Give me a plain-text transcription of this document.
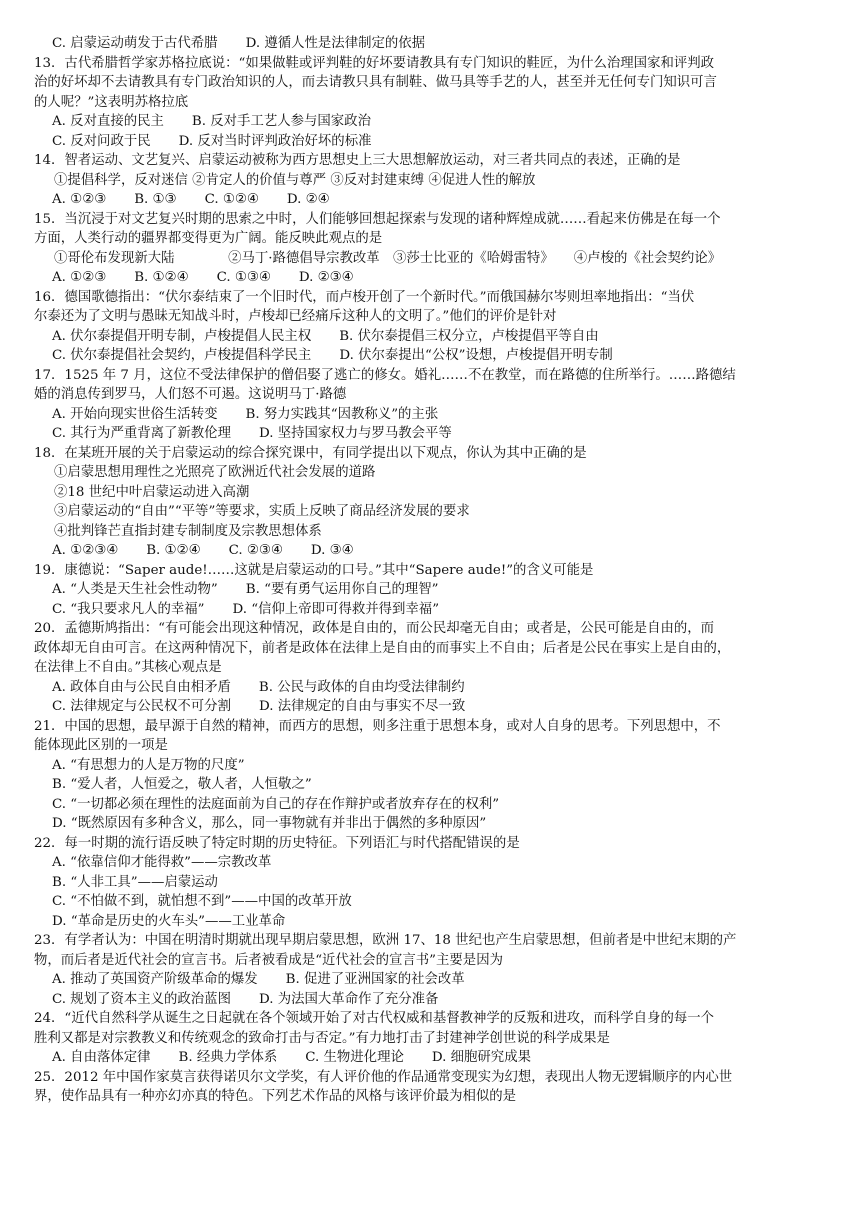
C. 启蒙运动萌发于古代希腊 D. 遵循人性是法律制定的依据
13．古代希腊哲学家苏格拉底说：“如果做鞋或评判鞋的好坏要请教具有专门知识的鞋匠，为什么治理国家和评判政
治的好坏却不去请教具有专门政治知识的人，而去请教只具有制鞋、做马具等手艺的人，甚至并无任何专门知识可言
的人呢？”这表明苏格拉底
A. 反对直接的民主 B. 反对手工艺人参与国家政治
C. 反对问政于民 D. 反对当时评判政治好坏的标准
14．智者运动、文艺复兴、启蒙运动被称为西方思想史上三大思想解放运动，对三者共同点的表述，正确的是
①提倡科学，反对迷信 ②肯定人的价值与尊严 ③反对封建束缚 ④促进人性的解放
A. ①②③ B. ①③ C. ①②④ D. ②④
15．当沉浸于对文艺复兴时期的思索之中时，人们能够回想起探索与发现的诸种辉煌成就……看起来仿佛是在每一个
方面，人类行动的疆界都变得更为广阔。能反映此观点的是
①哥伦布发现新大陆　　　　②马丁·路德倡导宗教改革　③莎士比亚的《哈姆雷特》　　④卢梭的《社会契约论》
A. ①②③ B. ①②④ C. ①③④ D. ②③④
16．德国歌德指出：“伏尔泰结束了一个旧时代，而卢梭开创了一个新时代。”而俄国赫尔岑则坦率地指出：“当伏
尔泰还为了文明与愚昧无知战斗时，卢梭却已经痛斥这种人的文明了。”他们的评价是针对
A. 伏尔泰提倡开明专制，卢梭提倡人民主权 B. 伏尔泰提倡三权分立，卢梭提倡平等自由
C. 伏尔泰提倡社会契约，卢梭提倡科学民主 D. 伏尔泰提出“公权”设想，卢梭提倡开明专制
17．1525 年 7 月，这位不受法律保护的僧侣娶了逃亡的修女。婚礼……不在教堂，而在路德的住所举行。……路德结
婚的消息传到罗马，人们怒不可遏。这说明马丁·路德
A. 开始向现实世俗生活转变 B. 努力实践其“因教称义”的主张
C. 其行为严重背离了新教伦理 D. 坚持国家权力与罗马教会平等
18．在某班开展的关于启蒙运动的综合探究课中，有同学提出以下观点，你认为其中正确的是
①启蒙思想用理性之光照亮了欧洲近代社会发展的道路
②18 世纪中叶启蒙运动进入高潮
③启蒙运动的“自由”“平等”等要求，实质上反映了商品经济发展的要求
④批判锋芒直指封建专制制度及宗教思想体系
A. ①②③④ B. ①②④ C. ②③④ D. ③④
19．康德说：“Saper aude!……这就是启蒙运动的口号。”其中“Sapere aude!”的含义可能是
A. “人类是天生社会性动物” B. “要有勇气运用你自己的理智”
C. “我只要求凡人的幸福” D. “信仰上帝即可得救并得到幸福”
20．孟德斯鸠指出：“有可能会出现这种情况，政体是自由的，而公民却毫无自由；或者是，公民可能是自由的，而
政体却无自由可言。在这两种情况下，前者是政体在法律上是自由的而事实上不自由；后者是公民在事实上是自由的，
在法律上不自由。”其核心观点是
A. 政体自由与公民自由相矛盾 B. 公民与政体的自由均受法律制约
C. 法律规定与公民权不可分割 D. 法律规定的自由与事实不尽一致
21．中国的思想，最早源于自然的精神，而西方的思想，则多注重于思想本身，或对人自身的思考。下列思想中，不
能体现此区别的一项是
A. “有思想力的人是万物的尺度”
B. “爱人者，人恒爱之，敬人者，人恒敬之”
C. “一切都必须在理性的法庭面前为自己的存在作辩护或者放弃存在的权利”
D. “既然原因有多种含义，那么，同一事物就有并非出于偶然的多种原因”
22．每一时期的流行语反映了特定时期的历史特征。下列语汇与时代搭配错误的是
A. “依靠信仰才能得救”——宗教改革
B. “人非工具”——启蒙运动
C. “不怕做不到，就怕想不到”——中国的改革开放
D. “革命是历史的火车头”——工业革命
23．有学者认为：中国在明清时期就出现早期启蒙思想，欧洲 17、18 世纪也产生启蒙思想，但前者是中世纪末期的产
物，而后者是近代社会的宣言书。后者被看成是“近代社会的宣言书”主要是因为
A. 推动了英国资产阶级革命的爆发 B. 促进了亚洲国家的社会改革
C. 规划了资本主义的政治蓝图 D. 为法国大革命作了充分准备
24．“近代自然科学从诞生之日起就在各个领域开始了对古代权威和基督教神学的反叛和进攻，而科学自身的每一个
胜利又都是对宗教教义和传统观念的致命打击与否定。”有力地打击了封建神学创世说的科学成果是
A. 自由落体定律 B. 经典力学体系 C. 生物进化理论 D. 细胞研究成果
25．2012 年中国作家莫言获得诺贝尔文学奖，有人评价他的作品通常变现实为幻想，表现出人物无逻辑顺序的内心世
界，使作品具有一种亦幻亦真的特色。下列艺术作品的风格与该评价最为相似的是
